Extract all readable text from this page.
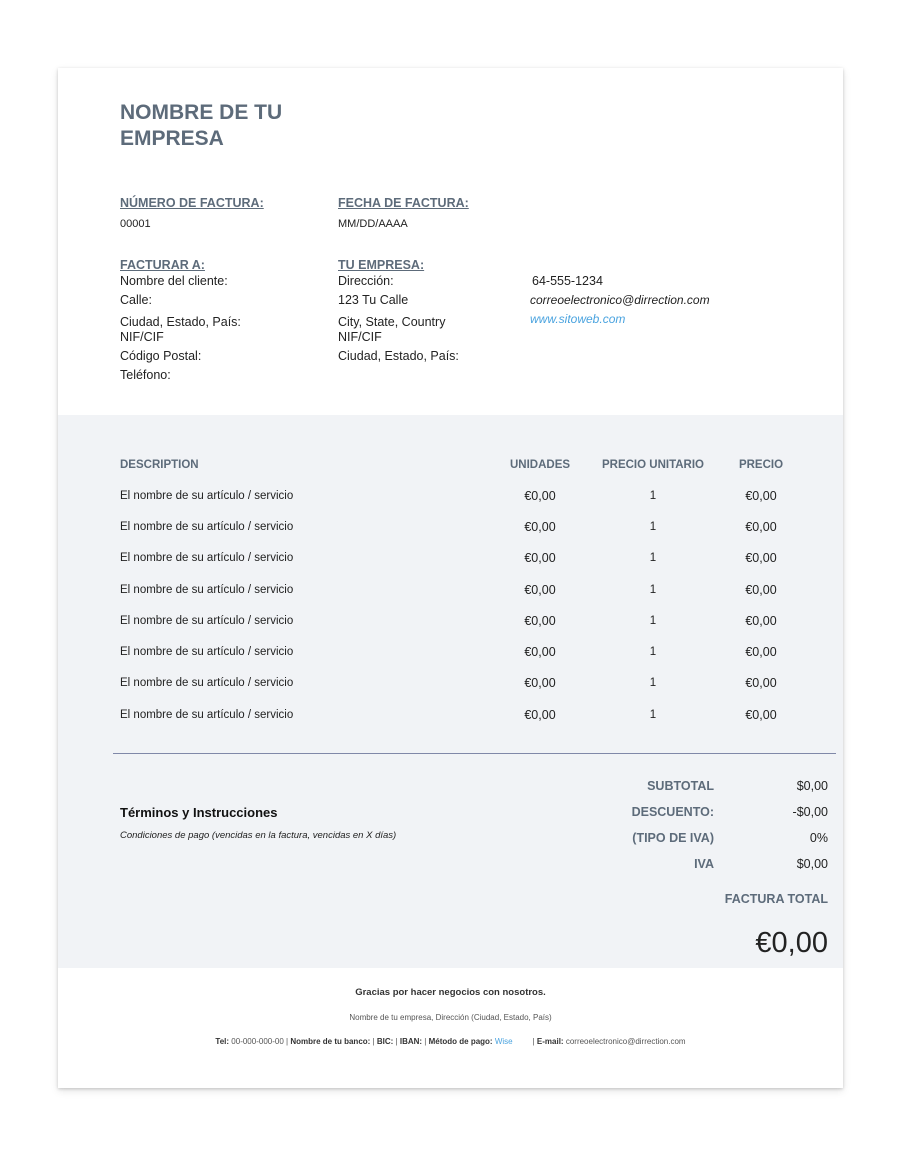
NOMBRE DE TU EMPRESA
NÚMERO DE FACTURA:
00001
FECHA DE FACTURA:
MM/DD/AAAA
FACTURAR A:
Nombre del cliente:
Calle:
Ciudad, Estado, País:
NIF/CIF
Código Postal:
Teléfono:
TU EMPRESA:
Dirección:
123 Tu Calle
City, State, Country
NIF/CIF
Ciudad, Estado, País:
64-555-1234
correoelectronico@dirrection.com
www.sitoweb.com
DESCRIPTION	UNIDADES	PRECIO UNITARIO	PRECIO
El nombre de su artículo / servicio	€0,00	1	€0,00
El nombre de su artículo / servicio	€0,00	1	€0,00
El nombre de su artículo / servicio	€0,00	1	€0,00
El nombre de su artículo / servicio	€0,00	1	€0,00
El nombre de su artículo / servicio	€0,00	1	€0,00
El nombre de su artículo / servicio	€0,00	1	€0,00
El nombre de su artículo / servicio	€0,00	1	€0,00
El nombre de su artículo / servicio	€0,00	1	€0,00
SUBTOTAL	$0,00
DESCUENTO:	-$0,00
(TIPO DE IVA)	0%
IVA	$0,00
FACTURA TOTAL
€0,00
Términos y Instrucciones
Condiciones de pago (vencidas en la factura, vencidas en X días)
Gracias por hacer negocios con nosotros.
Nombre de tu empresa, Dirección (Ciudad, Estado, País)
Tel: 00-000-000-00 | Nombre de tu banco: | BIC: | IBAN: | Método de pago: Wise         | E-mail: correoelectronico@dirrection.com
